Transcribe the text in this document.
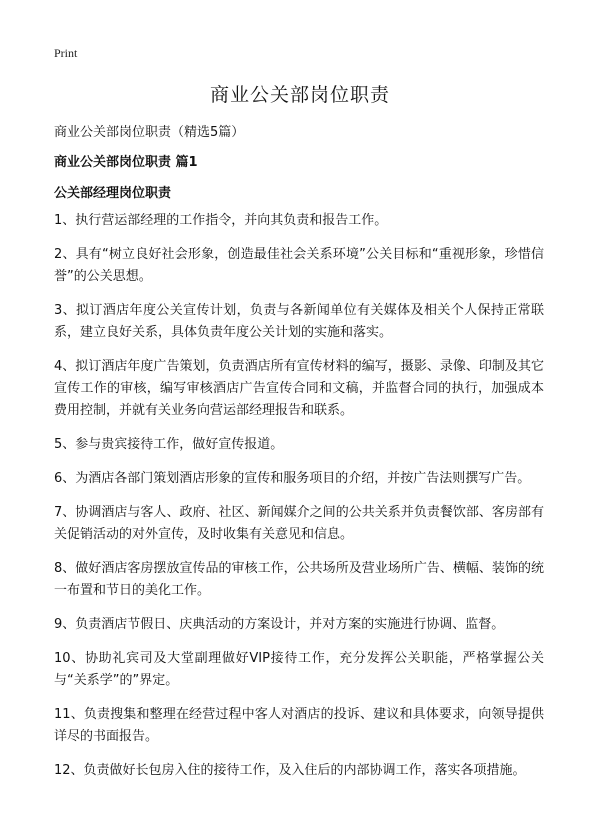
Print
商业公关部岗位职责
商业公关部岗位职责（精选5篇）
商业公关部岗位职责 篇1
公关部经理岗位职责
1、执行营运部经理的工作指令，并向其负责和报告工作。
2、具有“树立良好社会形象，创造最佳社会关系环境”公关目标和“重视形象，珍惜信誉”的公关思想。
3、拟订酒店年度公关宣传计划，负责与各新闻单位有关媒体及相关个人保持正常联系，建立良好关系，具体负责年度公关计划的实施和落实。
4、拟订酒店年度广告策划，负责酒店所有宣传材料的编写，摄影、录像、印制及其它宣传工作的审核，编写审核酒店广告宣传合同和文稿，并监督合同的执行，加强成本费用控制，并就有关业务向营运部经理报告和联系。
5、参与贵宾接待工作，做好宣传报道。
6、为酒店各部门策划酒店形象的宣传和服务项目的介绍，并按广告法则撰写广告。
7、协调酒店与客人、政府、社区、新闻媒介之间的公共关系并负责餐饮部、客房部有关促销活动的对外宣传，及时收集有关意见和信息。
8、做好酒店客房摆放宣传品的审核工作，公共场所及营业场所广告、横幅、装饰的统一布置和节日的美化工作。
9、负责酒店节假日、庆典活动的方案设计，并对方案的实施进行协调、监督。
10、协助礼宾司及大堂副理做好VIP接待工作，充分发挥公关职能，严格掌握公关与“关系学”的”界定。
11、负责搜集和整理在经营过程中客人对酒店的投诉、建议和具体要求，向领导提供详尽的书面报告。
12、负责做好长包房入住的接待工作，及入住后的内部协调工作，落实各项措施。
